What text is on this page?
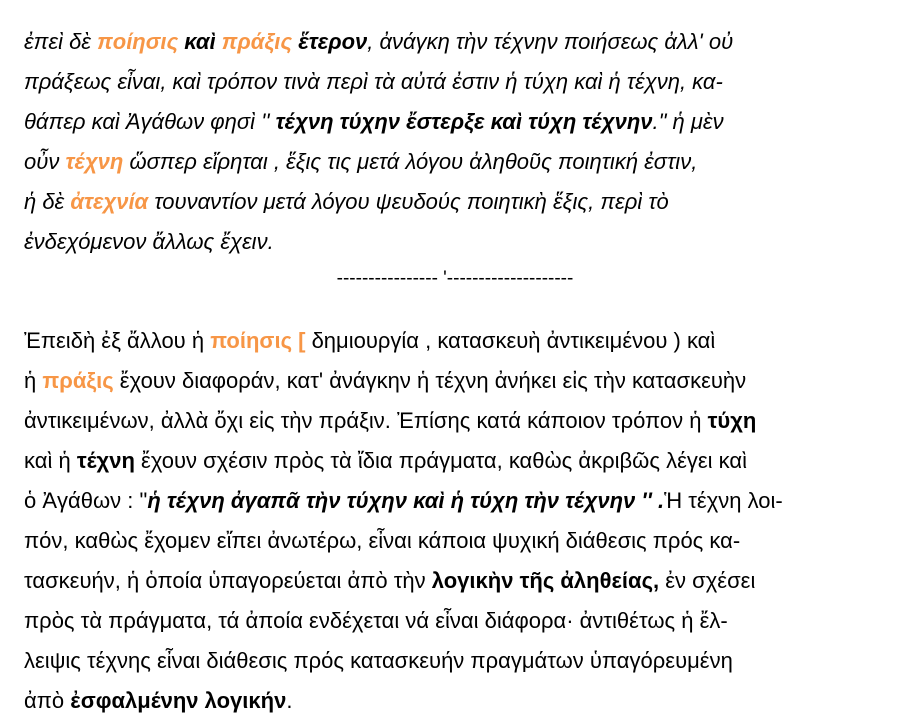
ἐπεὶ δὲ ποίησις καὶ πράξις ἕτερον, ἀνάγκη τὴν τέχνην ποιήσεως ἀλλ' οὐ
πράξεως εἶναι, καὶ τρόπον τινὰ περὶ τὰ αὐτά ἐστιν ἡ τύχη καὶ ἡ τέχνη, κα-
θάπερ καὶ Ἀγάθων φησὶ '' τέχνη τύχην ἔστερξε καὶ τύχη τέχνην." ἡ μὲν
οὖν τέχνη ὥσπερ εἴρηται , ἕξις τις μετά λόγου ἀληθοῦς ποιητική ἐστιν,
ἡ δὲ ἀτεχνία τουναντίον μετά λόγου ψευδούς ποιητικὴ ἕξις, περὶ τὸ
ἐνδεχόμενον ἄλλως ἔχειν.
---------------- '--------------------
Ἐπειδὴ ἐξ ἄλλου ἡ ποίησις [ δημιουργία , κατασκευὴ ἀντικειμένου ) καὶ
ἡ πράξις ἔχουν διαφοράν, κατ' ἀνάγκην ἡ τέχνη ἀνήκει εἰς τὴν κατασκευὴν
ἀντικειμένων, ἀλλὰ ὄχι εἰς τὴν πράξιν. Ἐπίσης κατά κάποιον τρόπον ἡ τύχη
καὶ ἡ τέχνη ἔχουν σχέσιν πρὸς τὰ ἴδια πράγματα, καθὼς ἀκριβῶς λέγει καὶ
ὁ Ἀγάθων : "ἡ τέχνη ἀγαπᾶ τὴν τύχην καὶ ἡ τύχη τὴν τέχνην '' .Ἡ τέχνη λοι-
πόν, καθὼς ἔχομεν εἴπει ἀνωτέρω, εἶναι κάποια ψυχική διάθεσις πρός κα-
τασκευήν, ἡ ὁποία ὑπαγορεύεται ἀπὸ τὴν λογικὴν τῆς ἀληθείας, ἐν σχέσει
πρὸς τὰ πράγματα, τά ἀποία ενδέχεται νά εἶναι διάφορα· ἀντιθέτως ἡ ἔλ-
λειψις τέχνης εἶναι διάθεσις πρός κατασκευήν πραγμάτων ὑπαγόρευμένη
ἀπὸ ἐσφαλμένην λογικήν.
